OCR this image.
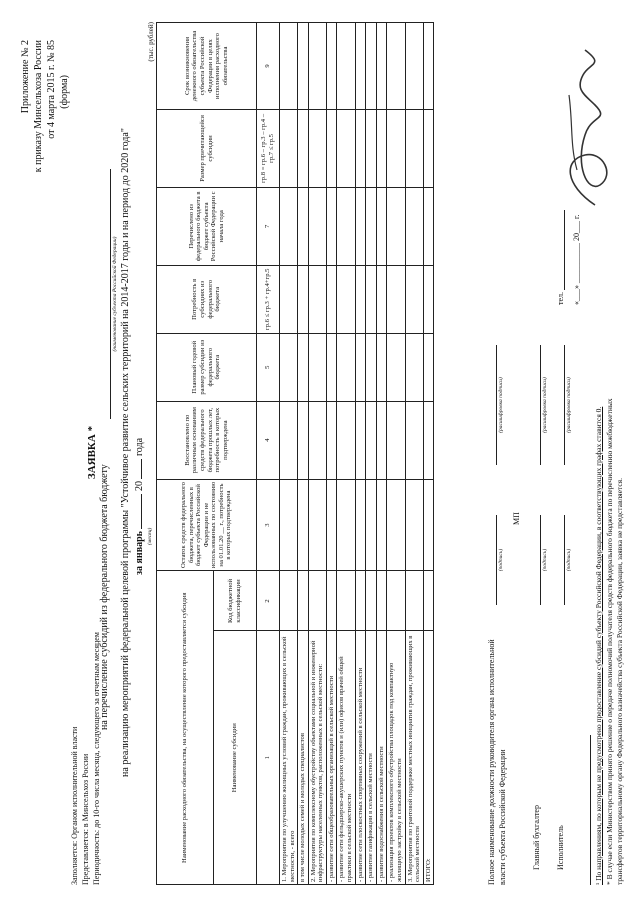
Приложение № 2 к приказу Минсельхоза России от 4 марта 2015 г. № 85 (форма)
Заполняется: Органом исполнительной власти Представляется: в Минсельхоз России Периодичность: до 10-го числа месяца, следующего за отчетным месяцем
ЗАЯВКА *
на перечисление субсидий из федерального бюджета бюджету
(наименование субъекта Российской Федерации) на реализацию мероприятий федеральной целевой программы "Устойчивое развитие сельских территорий на 2014-2017 годы и на период до 2020 года" за январь  20  года
(месяц)
(тыс. рублей)
Наименование расходного обязательства, на осуществление которого предоставляется субсидия		Остаток средств федерального бюджета, перечисленных в бюджет субъекта Российской Федерации и не использованных по состоянию на 01.01.20 __ г., потребность в которых подтверждена	Восстановлено по различным основаниям средств федерального бюджета прошлых лет, потребность в которых подтверждена	Плановый годовой размер субсидии из федерального бюджета	Потребность в субсидиях из федерального бюджета	Перечислено из федерального бюджета в бюджет субъекта Российской Федерации с начала года	Размер причитающейся субсидии	Срок возникновения денежного обязательства субъекта Российской Федерации в целях исполнения расходного обязательства
Наименование субсидии	Код бюджетной классификации							
1	2	3	4	5	гр.6 ≤ гр.3 + гр.4+гр.5	7	гр.8 = гр.6 – гр.3 – гр.4 – гр.7 ≤ гр.5	9
1. Мероприятия по улучшению жилищных условий граждан, проживающих в сельской местности, - всего								
в том числе молодых семей и молодых специалистов								
2. Мероприятия по комплексному обустройству объектами социальной и инженерной инфраструктуры населенных пунктов, расположенных в сельской местности:								
- развитие сети общеобразовательных организаций в сельской местности								
- развитие сети фельдшерско-акушерских пунктов и (или) офисов врачей общей практики в сельской местности								
- развитие сети плоскостных спортивных сооружений в сельской местности								
- развитие газификации в сельской местности								
- развитие водоснабжения в сельской местности								
- реализация проектов комплексного обустройства площадок под компактную жилищную застройку в сельской местности								
3. Мероприятия по грантовой поддержке местных инициатив граждан, проживающих в сельской местности								
ИТОГО:									Полное наименование должности руководителя органа исполнительной власти субъекта Российской Федерации
(подпись)
(расшифровка подписи)
МП
Главный бухгалтер
(подпись)
(расшифровка подписи)
Исполнитель
(подпись)
(расшифровка подписи)
тел. «___» __________ 20___ г.
¹ По направлениям, по которым не предусмотрено предоставление субсидий субъекту Российской Федерации, в соответствующих графах ставится 0. * В случае если Министерством принято решение о передаче полномочий получателя средств федерального бюджета по перечислению межбюджетных трансфертов территориальному органу Федерального казначейства субъекта Российской Федерации, заявка не представляется.
